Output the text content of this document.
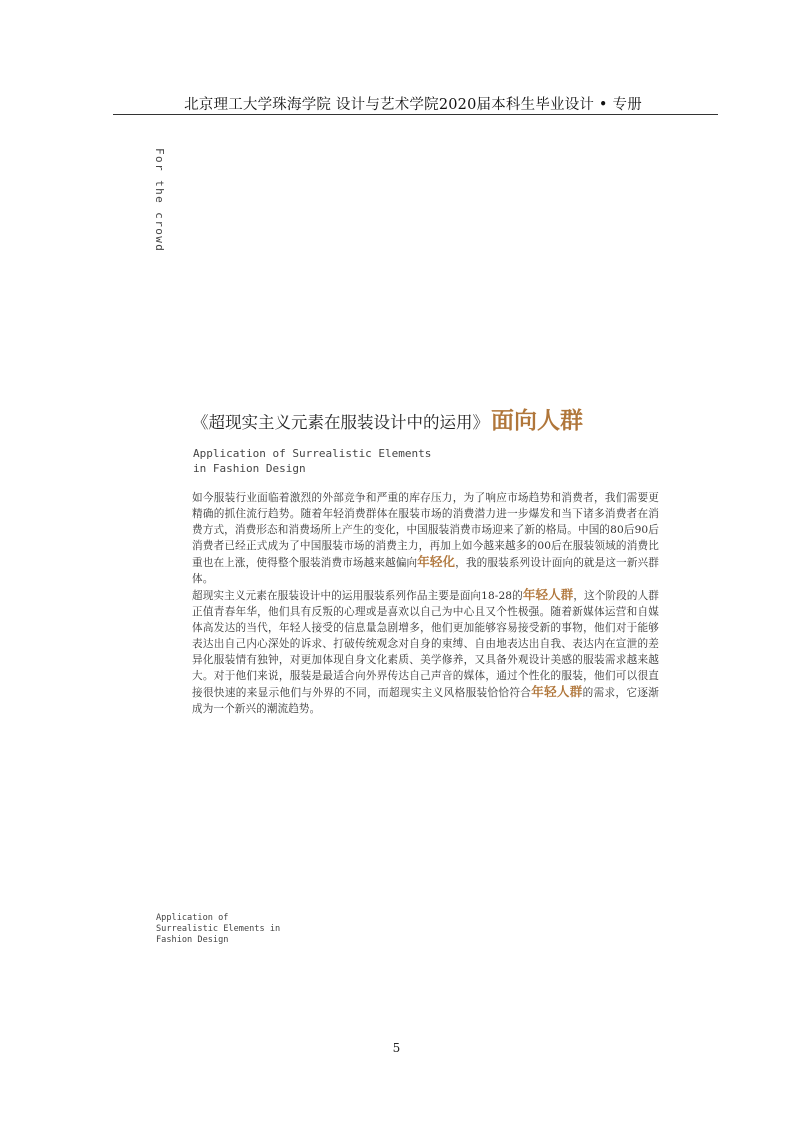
北京理工大学珠海学院 设计与艺术学院2020届本科生毕业设计 • 专册
For the crowd
《超现实主义元素在服装设计中的运用》面向人群
Application of Surrealistic Elements
in Fashion Design

如今服装行业面临着激烈的外部竞争和严重的库存压力，为了响应市场趋势和消费者，我们需要更精确的抓住流行趋势。随着年轻消费群体在服装市场的消费潜力进一步爆发和当下诸多消费者在消费方式，消费形态和消费场所上产生的变化，中国服装消费市场迎来了新的格局。中国的80后90后消费者已经正式成为了中国服装市场的消费主力，再加上如今越来越多的00后在服装领域的消费比重也在上涨，使得整个服装消费市场越来越偏向年轻化，我的服装系列设计面向的就是这一新兴群体。

超现实主义元素在服装设计中的运用服装系列作品主要是面向18-28的年轻人群，这个阶段的人群正值青春年华，他们具有反叛的心理或是喜欢以自己为中心且又个性极强。随着新媒体运营和自媒体高发达的当代，年轻人接受的信息量急剧增多，他们更加能够容易接受新的事物，他们对于能够表达出自己内心深处的诉求、打破传统观念对自身的束缚、自由地表达出自我、表达内在宣泄的差异化服装情有独钟，对更加体现自身文化素质、美学修养，又具备外观设计美感的服装需求越来越大。对于他们来说，服装是最适合向外界传达自己声音的媒体，通过个性化的服装，他们可以很直接很快速的来显示他们与外界的不同，而超现实主义风格服装恰恰符合年轻人群的需求，它逐渐成为一个新兴的潮流趋势。

Application of
Surrealistic Elements in
Fashion Design
5
